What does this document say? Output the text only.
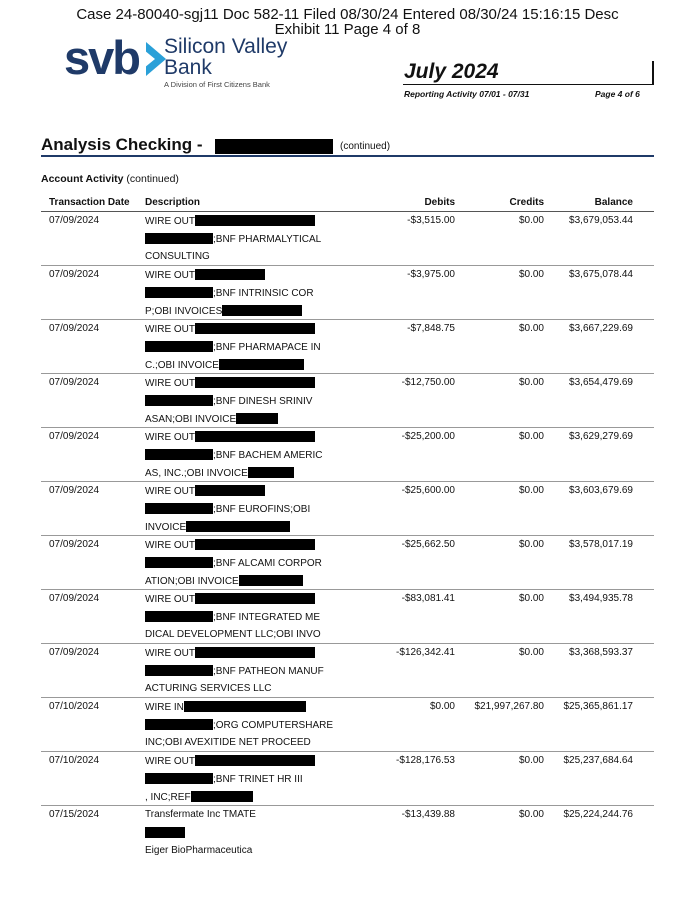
Case 24-80040-sgj11 Doc 582-11 Filed 08/30/24 Entered 08/30/24 15:16:15 Desc
Exhibit 11 Page 4 of 8
svb Silicon Valley
Bank
A Division of First Citizens Bank
July 2024
Reporting Activity 07/01 - 07/31	Page 4 of 6
Analysis Checking -	(continued)
Account Activity (continued)
Transaction Date Description	Debits	Credits	Balance
07/09/2024	WIRE OUT
;BNF PHARMALYTICAL
CONSULTING
-$3,515.00	$0.00	$3,679,053.44
07/09/2024	WIRE OUT
;BNF INTRINSIC COR
P;OBI INVOICES
-$3,975.00	$0.00	$3,675,078.44
07/09/2024	WIRE OUT
;BNF PHARMAPACE IN
C.;OBI INVOICE
-$7,848.75	$0.00	$3,667,229.69
07/09/2024	WIRE OUT
;BNF DINESH SRINIV
ASAN;OBI INVOICE
-$12,750.00	$0.00	$3,654,479.69
07/09/2024	WIRE OUT
;BNF BACHEM AMERIC
AS, INC.;OBI INVOICE
-$25,200.00	$0.00	$3,629,279.69
07/09/2024	WIRE OUT
;BNF EUROFINS;OBI
INVOICE
-$25,600.00	$0.00	$3,603,679.69
07/09/2024	WIRE OUT
;BNF ALCAMI CORPOR
ATION;OBI INVOICE
-$25,662.50	$0.00	$3,578,017.19
07/09/2024	WIRE OUT
;BNF INTEGRATED ME
DICAL DEVELOPMENT LLC;OBI INVO
-$83,081.41	$0.00	$3,494,935.78
07/09/2024	WIRE OUT
;BNF PATHEON MANUF
ACTURING SERVICES LLC
-$126,342.41	$0.00	$3,368,593.37
07/10/2024	WIRE IN
;ORG COMPUTERSHARE
INC;OBI AVEXITIDE NET PROCEED
$0.00 $21,997,267.80 $25,365,861.17
07/10/2024	WIRE OUT
;BNF TRINET HR III
, INC;REF
-$128,176.53	$0.00 $25,237,684.64
07/15/2024	Transfermate Inc TMATE
Eiger BioPharmaceutica
-$13,439.88	$0.00 $25,224,244.76
